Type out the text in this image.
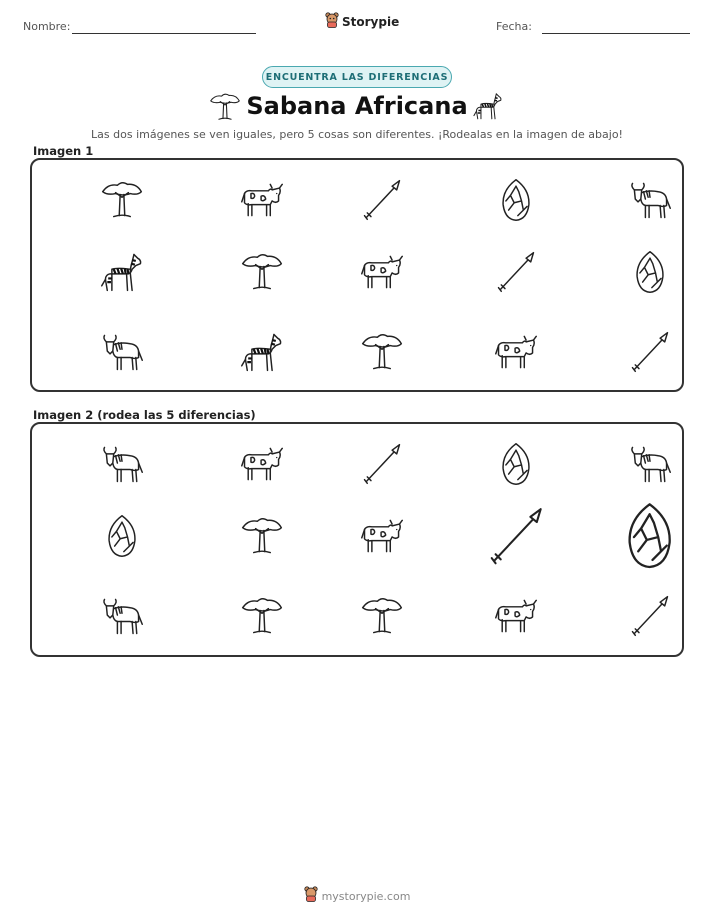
Nombre:	Storypie	Fecha:
ENCUENTRA LAS DIFERENCIAS
Sabana Africana
Las dos imágenes se ven iguales, pero 5 cosas son diferentes. ¡Rodealas en la imagen de abajo!
Imagen 1
Imagen 2 (rodea las 5 diferencias)
mystorypie.com
